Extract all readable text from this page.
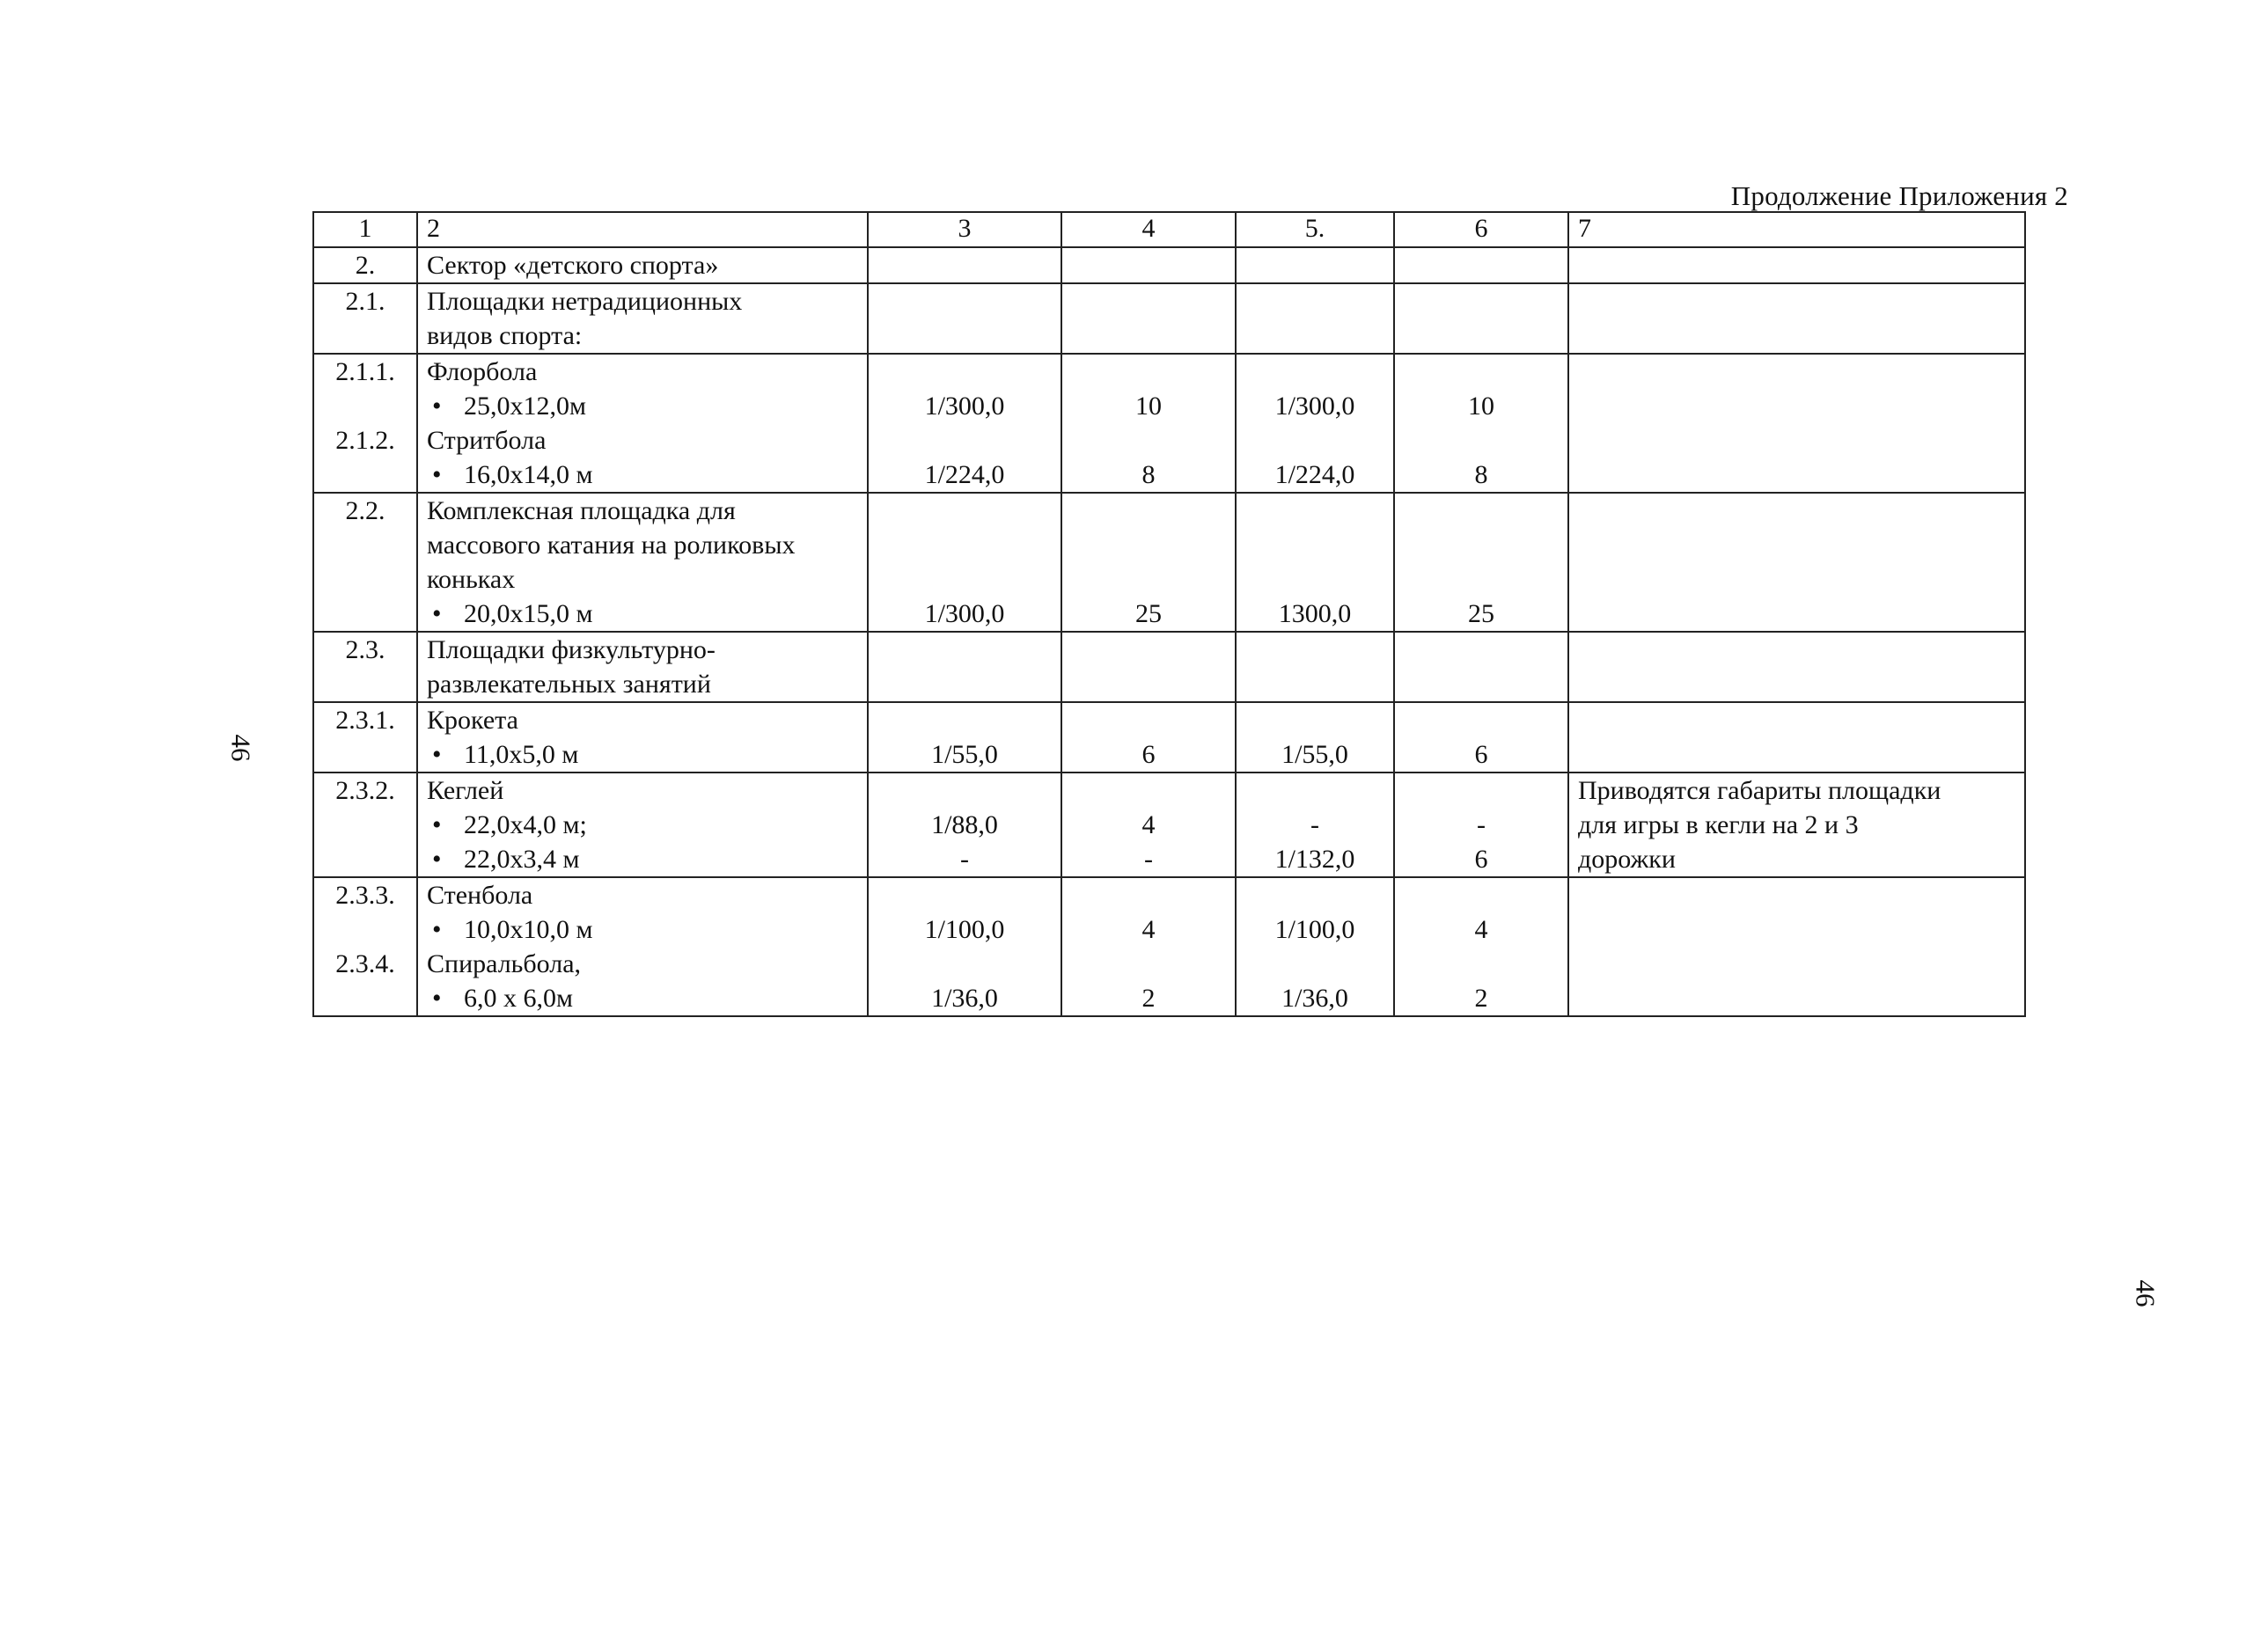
Продолжение Приложения 2
46
46
1	2	3	4	5.	6	7
2.	Сектор «детского спорта»					
2.1.	Площадки нетрадиционных					
	видов спорта:					
2.1.1.	Флорбола					
	• 25,0x12,0м	1/300,0	10	1/300,0	10	
2.1.2.	Стритбола					
	• 16,0x14,0 м	1/224,0	8	1/224,0	8	
2.2.	Комплексная площадка для					
	массового катания на роликовых					
	коньках					
	• 20,0x15,0 м	1/300,0	25	1300,0	25	
2.3.	Площадки физкультурно-					
	развлекательных занятий					
2.3.1.	Крокета					
	• 11,0x5,0 м	1/55,0	6	1/55,0	6	
2.3.2.	Кеглей					Приводятся габариты площадки
	• 22,0x4,0 м;	1/88,0	4	-	-	для игры в кегли на 2 и 3
	• 22,0x3,4 м	-	-	1/132,0	6	дорожки
2.3.3.	Стенбола					
	• 10,0x10,0 м	1/100,0	4	1/100,0	4	
2.3.4.	Спиральбола,					
	• 6,0 x 6,0м	1/36,0	2	1/36,0	2	
